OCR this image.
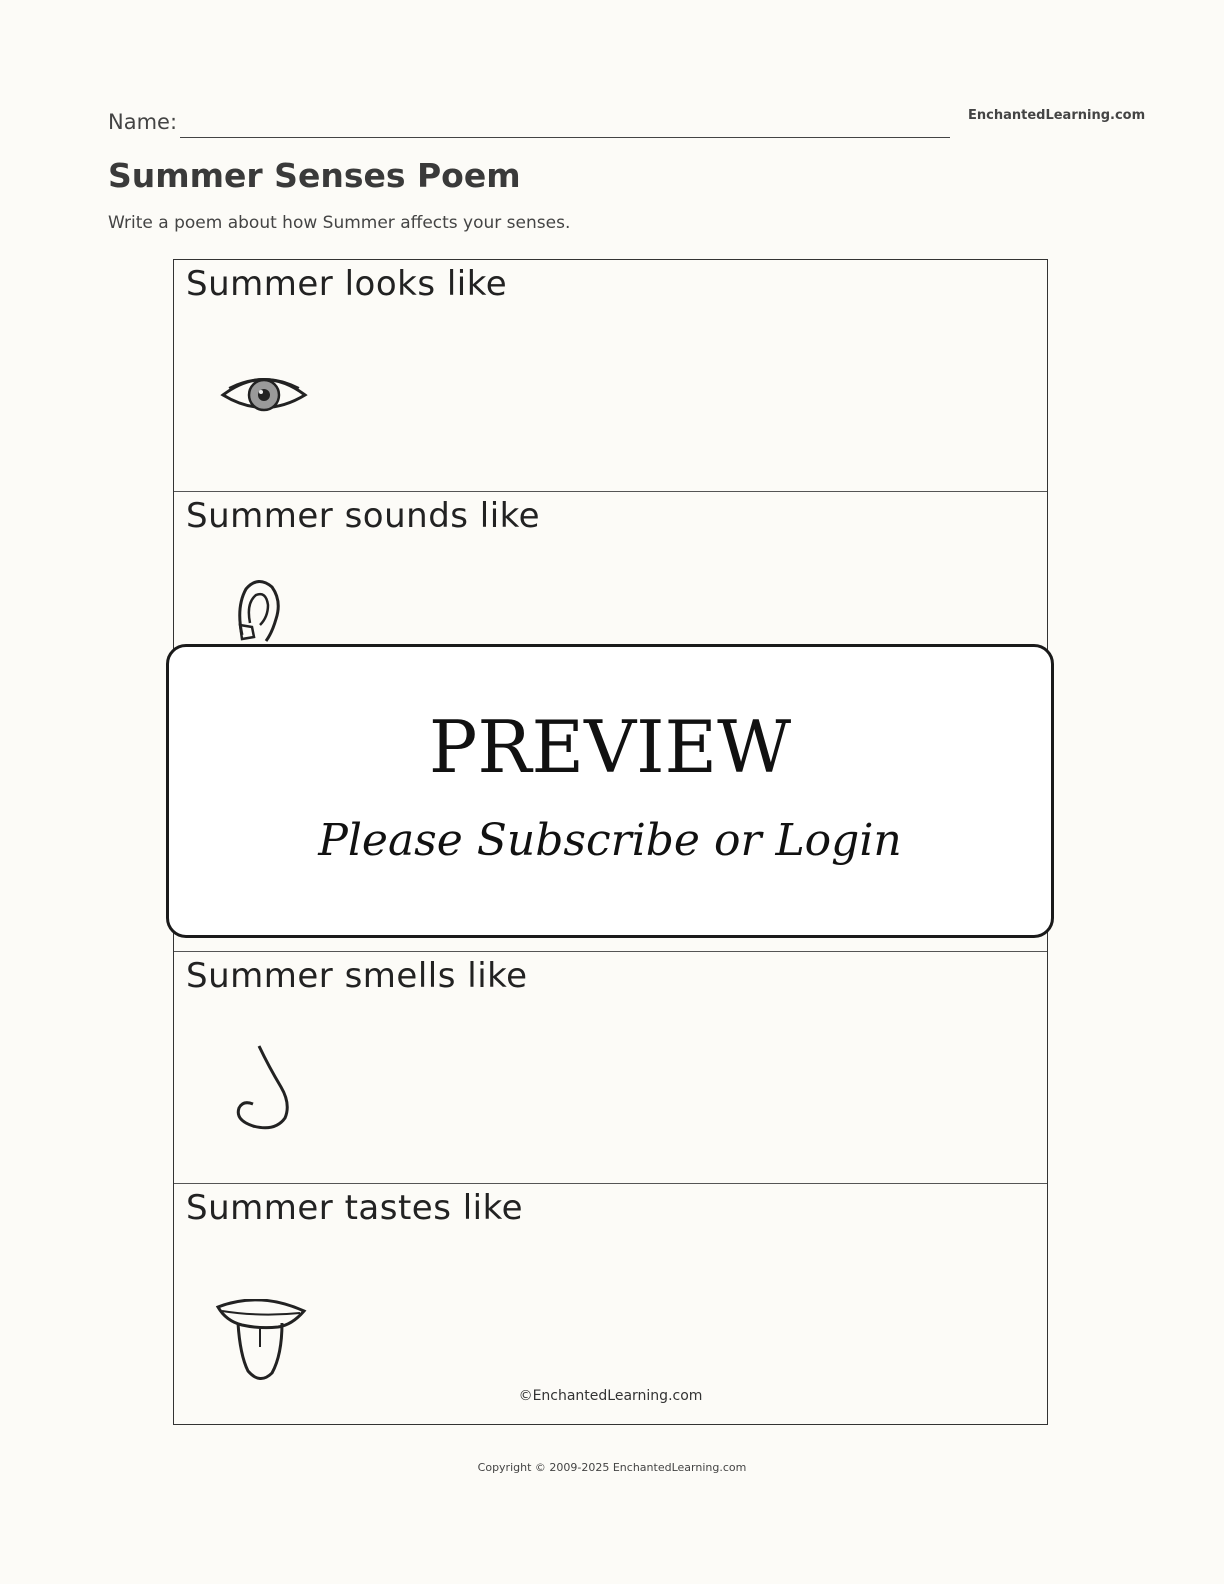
Name:	EnchantedLearning.com
Summer Senses Poem
Write a poem about how Summer affects your senses.
Summer looks like
Summer sounds like
Summer smells like
Summer tastes like
©EnchantedLearning.com
PREVIEW
Please Subscribe or Login
Copyright © 2009-2025 EnchantedLearning.com
